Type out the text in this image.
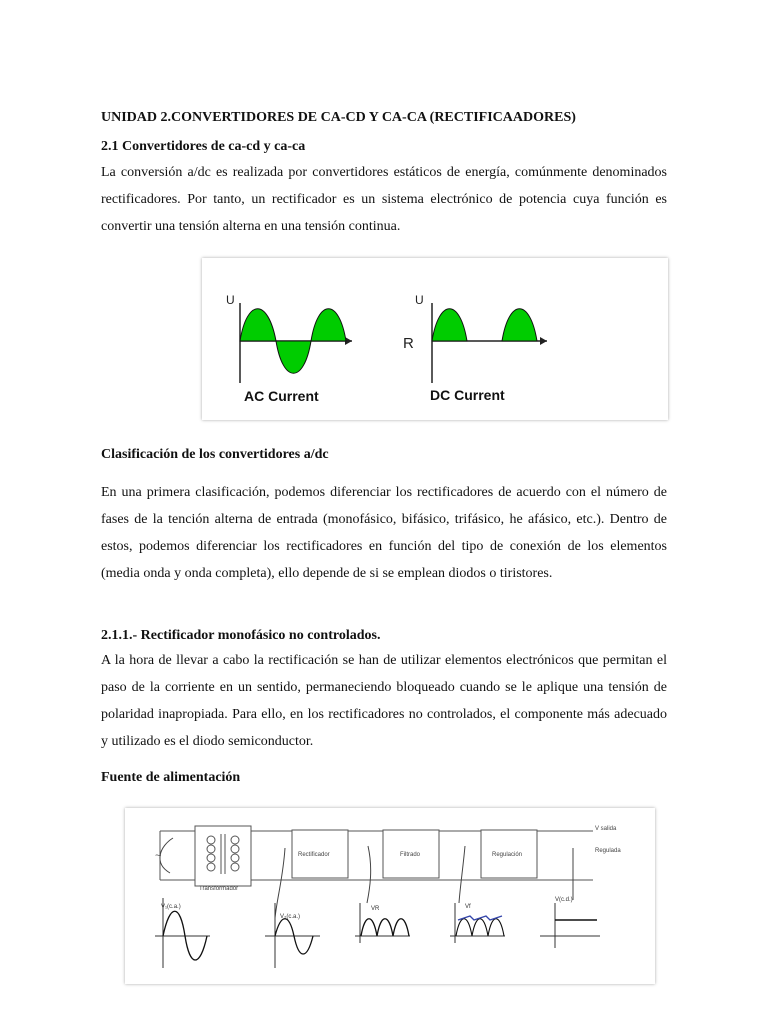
UNIDAD 2.CONVERTIDORES DE CA-CD Y CA-CA (RECTIFICAADORES)
2.1 Convertidores de ca-cd y ca-ca
La conversión a/dc es realizada por convertidores estáticos de energía, comúnmente denominados rectificadores. Por tanto, un rectificador es un sistema electrónico de potencia cuya función es convertir una tensión alterna en una tensión continua.
U
AC Current
U
R
DC Current
Clasificación de los convertidores a/dc
En una primera clasificación, podemos diferenciar los rectificadores de acuerdo con el número de fases de la tención alterna de entrada (monofásico, bifásico, trifásico, he afásico, etc.). Dentro de estos, podemos diferenciar los rectificadores en función del tipo de conexión de los elementos (media onda y onda completa), ello depende de si se emplean diodos o tiristores.
2.1.1.- Rectificador monofásico no controlados.
A la hora de llevar a cabo la rectificación se han de utilizar elementos electrónicos que permitan el paso de la corriente en un sentido, permaneciendo bloqueado cuando se le aplique una tensión de polaridad inapropiada. Para ello, en los rectificadores no controlados, el componente más adecuado y utilizado es el diodo semiconductor.
Fuente de alimentación
~
Transformador
Rectificador	Filtrado	Regulación
V salida
Regulada
V₁(c.a.)
V₂(c.a.)
VR	Vf
V(c.d.)
